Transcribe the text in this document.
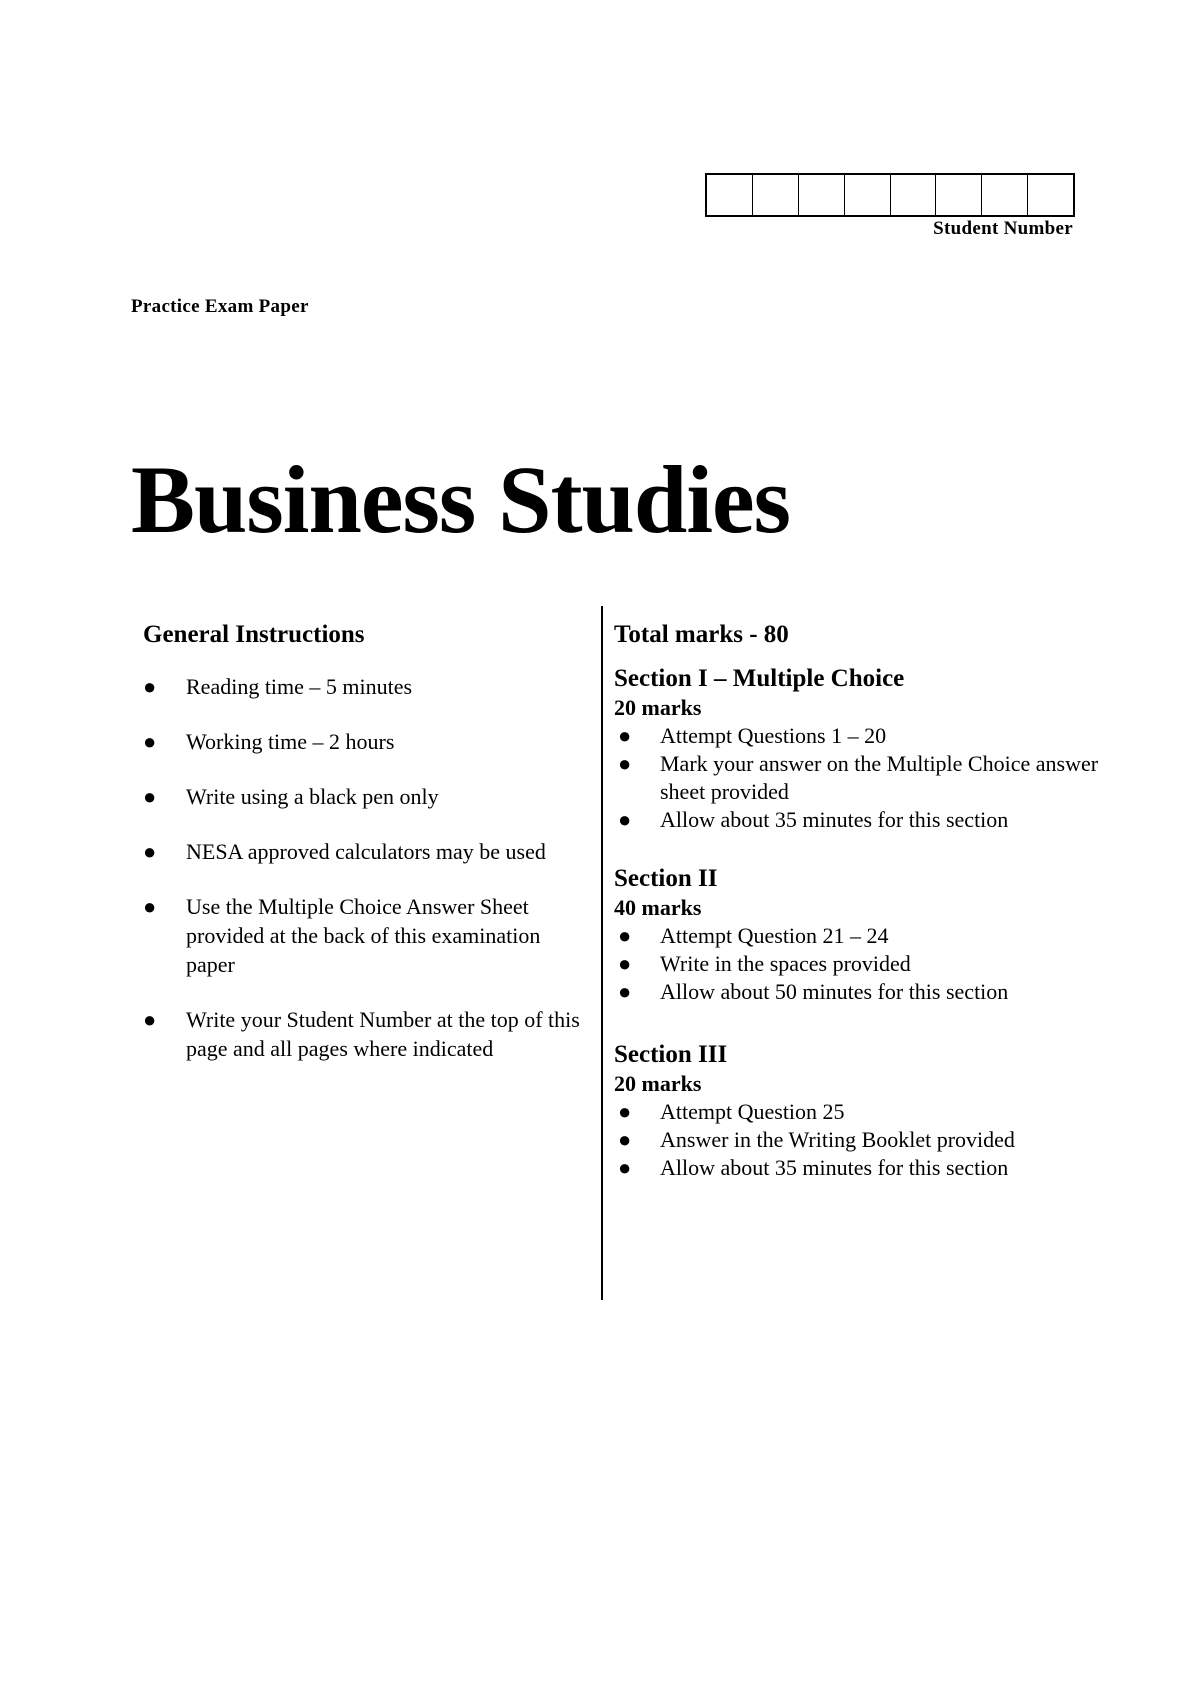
Student Number
Practice Exam Paper
Business Studies
General Instructions
● Reading time – 5 minutes
● Working time – 2 hours
● Write using a black pen only
● NESA approved calculators may be used
● Use the Multiple Choice Answer Sheet provided at the back of this examination paper
● Write your Student Number at the top of this page and all pages where indicated
Total marks - 80
Section I – Multiple Choice
20 marks
● Attempt Questions 1 – 20
● Mark your answer on the Multiple Choice answer sheet provided
● Allow about 35 minutes for this section
Section II
40 marks
● Attempt Question 21 – 24
● Write in the spaces provided
● Allow about 50 minutes for this section
Section III
20 marks
● Attempt Question 25
● Answer in the Writing Booklet provided
● Allow about 35 minutes for this section
